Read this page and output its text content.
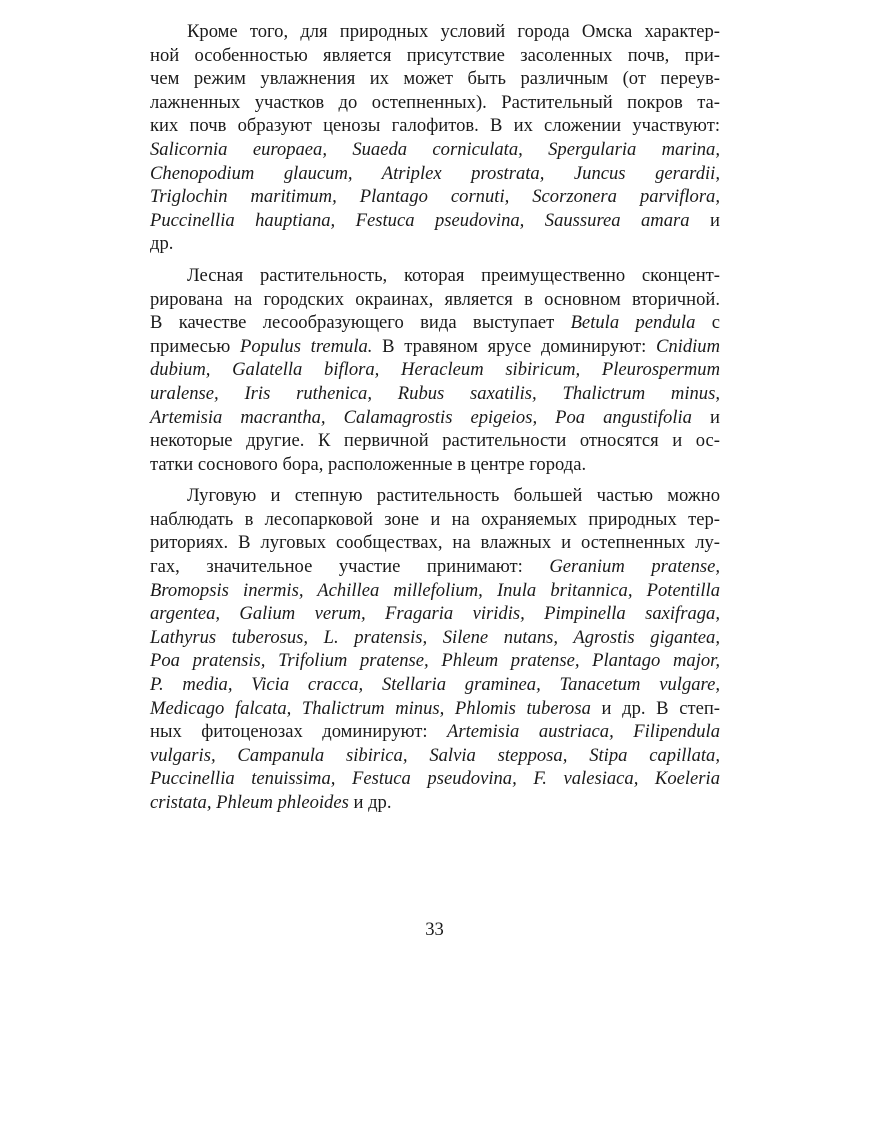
Кроме того, для природных условий города Омска характер-
ной особенностью является присутствие засоленных почв, при-
чем режим увлажнения их может быть различным (от переув-
лажненных участков до остепненных). Растительный покров та-
ких почв образуют ценозы галофитов. В их сложении участвуют:
Salicornia europaea, Suaeda corniculata, Spergularia marina,
Chenopodium glaucum, Atriplex prostrata, Juncus gerardii,
Triglochin maritimum, Plantago cornuti, Scorzonera parviflora,
Puccinellia hauptiana, Festuca pseudovina, Saussurea amara и
др.

Лесная растительность, которая преимущественно сконцент-
рирована на городских окраинах, является в основном вторичной.
В качестве лесообразующего вида выступает Betula pendula с
примесью Populus tremula. В травяном ярусе доминируют: Cnidium
dubium, Galatella biflora, Heracleum sibiricum, Pleurospermum
uralense, Iris ruthenica, Rubus saxatilis, Thalictrum minus,
Artemisia macrantha, Calamagrostis epigeios, Poa angustifolia и
некоторые другие. К первичной растительности относятся и ос-
татки соснового бора, расположенные в центре города.

Луговую и степную растительность большей частью можно
наблюдать в лесопарковой зоне и на охраняемых природных тер-
риториях. В луговых сообществах, на влажных и остепненных лу-
гах, значительное участие принимают: Geranium pratense,
Bromopsis inermis, Achillea millefolium, Inula britannica, Potentilla
argentea, Galium verum, Fragaria viridis, Pimpinella saxifraga,
Lathyrus tuberosus, L. pratensis, Silene nutans, Agrostis gigantea,
Poa pratensis, Trifolium pratense, Phleum pratense, Plantago major,
P. media, Vicia cracca, Stellaria graminea, Tanacetum vulgare,
Medicago falcata, Thalictrum minus, Phlomis tuberosa и др. В степ-
ных фитоценозах доминируют: Artemisia austriaca, Filipendula
vulgaris, Campanula sibirica, Salvia stepposa, Stipa capillata,
Puccinellia tenuissima, Festuca pseudovina, F. valesiaca, Koeleria
cristata, Phleum phleoides и др.

33
